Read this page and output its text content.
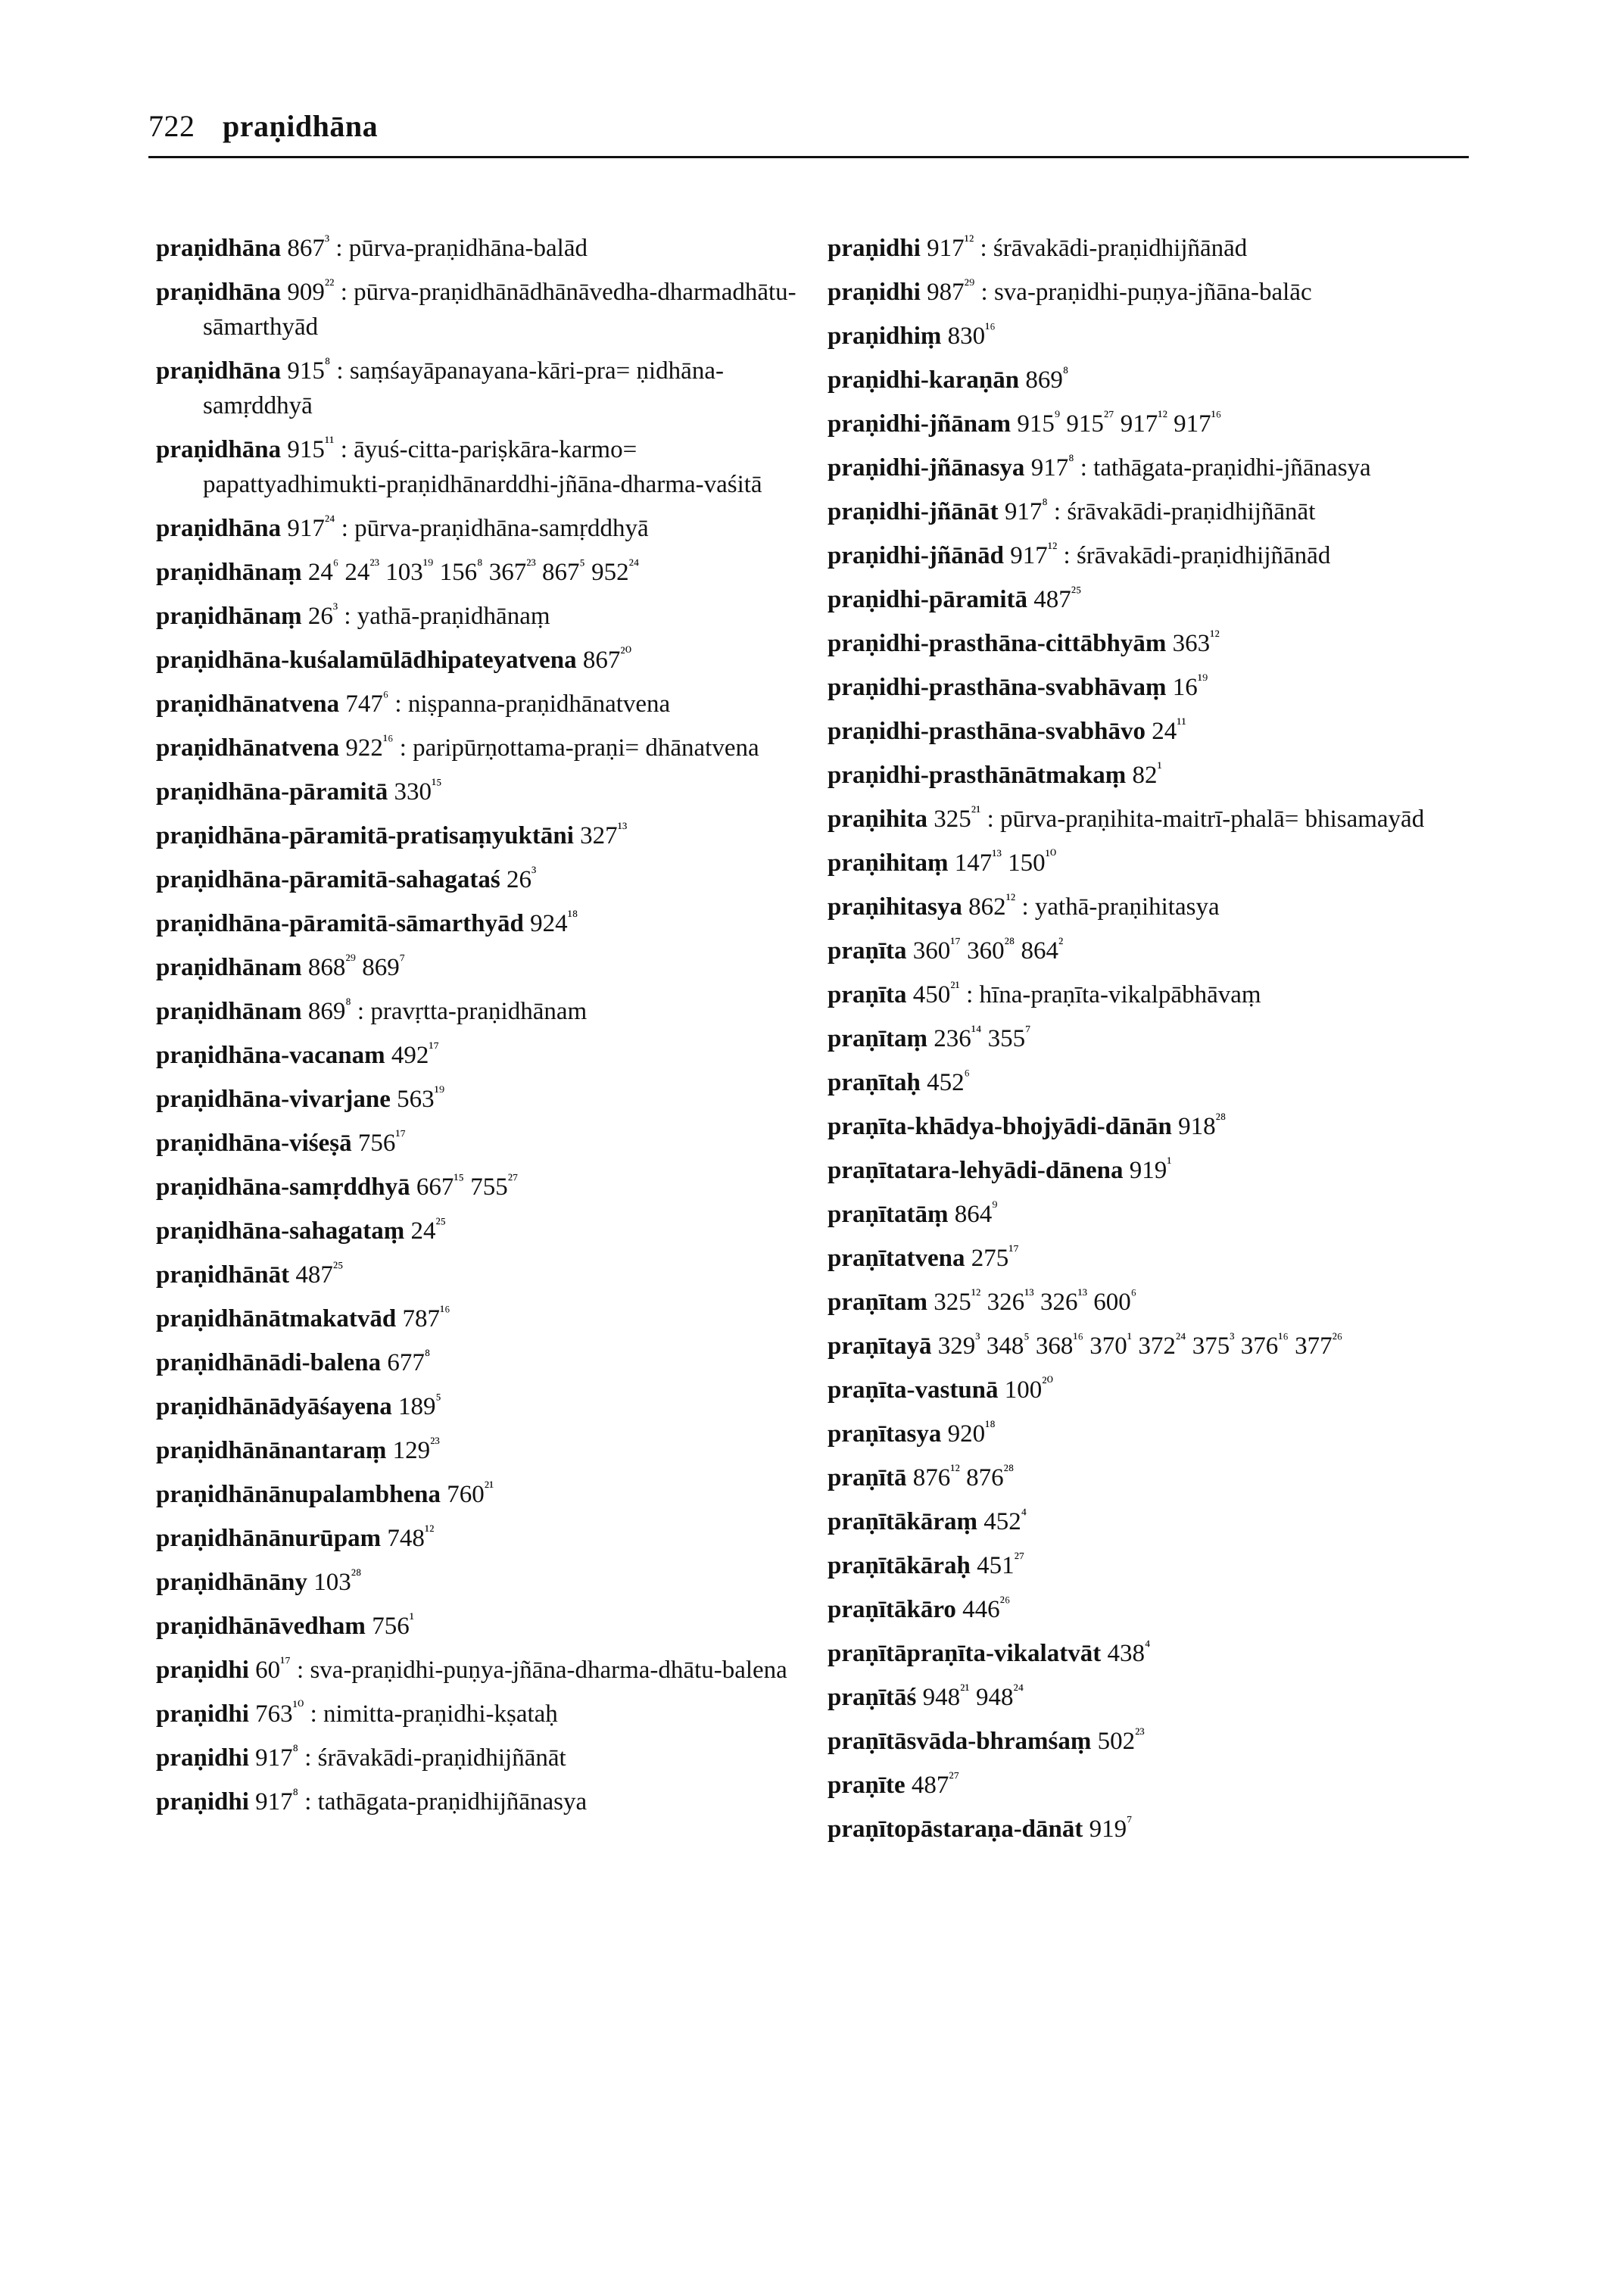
722 praṇidhāna
praṇidhāna $867^{^3}$ : pūrva-praṇidhāna-balād
praṇidhāna $909^{^{22}}$ : pūrva-praṇidhānādhānāvedha-dharmadhātu-sāmarthyād
praṇidhāna $915^{^8}$ : saṃśayāpanayana-kāri-pra= ṇidhāna-samṛddhyā
praṇidhāna $915^{^{11}}$ : āyuś-citta-pariṣkāra-karmo= papattyadhimukti-praṇidhānarddhi-jñāna-dharma-vaśitā
praṇidhāna $917^{^{24}}$ : pūrva-praṇidhāna-samṛddhyā
praṇidhānaṃ $24^{^6}$ $24^{^{23}}$ $103^{^{19}}$ $156^{^8}$ $367^{^{23}}$ $867^{^5}$ $952^{^{24}}$
praṇidhānaṃ $26^{^3}$ : yathā-praṇidhānaṃ
praṇidhāna-kuśalamūlādhipateyatvena $867^{^{20}}$
praṇidhānatvena $747^{^6}$ : niṣpanna-praṇidhānatvena
praṇidhānatvena $922^{^{16}}$ : paripūrṇottama-praṇi= dhānatvena
praṇidhāna-pāramitā $330^{^{15}}$
praṇidhāna-pāramitā-pratisaṃyuktāni $327^{^{13}}$
praṇidhāna-pāramitā-sahagataś $26^{^3}$
praṇidhāna-pāramitā-sāmarthyād $924^{^{18}}$
praṇidhānam $868^{^{29}}$ $869^{^7}$
praṇidhānam $869^{^8}$ : pravṛtta-praṇidhānam
praṇidhāna-vacanam $492^{^{17}}$
praṇidhāna-vivarjane $563^{^{19}}$
praṇidhāna-viśeṣā $756^{^{17}}$
praṇidhāna-samṛddhyā $667^{^{15}}$ $755^{^{27}}$
praṇidhāna-sahagataṃ $24^{^{25}}$
praṇidhānāt $487^{^{25}}$
praṇidhānātmakatvād $787^{^{16}}$
praṇidhānādi-balena $677^{^8}$
praṇidhānādyāśayena $189^{^5}$
praṇidhānānantaraṃ $129^{^{23}}$
praṇidhānānupalambhena $760^{^{21}}$
praṇidhānānurūpam $748^{^{12}}$
praṇidhānāny $103^{^{28}}$
praṇidhānāvedham $756^{^1}$
praṇidhi $60^{^{17}}$ : sva-praṇidhi-puṇya-jñāna-dharma-dhātu-balena
praṇidhi $763^{^{10}}$ : nimitta-praṇidhi-kṣataḥ
praṇidhi $917^{^8}$ : śrāvakādi-praṇidhijñānāt
praṇidhi $917^{^8}$ : tathāgata-praṇidhijñānasya
praṇidhi $917^{^{12}}$ : śrāvakādi-praṇidhijñānād
praṇidhi $987^{^{29}}$ : sva-praṇidhi-puṇya-jñāna-balāc
praṇidhiṃ $830^{^{16}}$
praṇidhi-karaṇān $869^{^8}$
praṇidhi-jñānam $915^{^9}$ $915^{^{27}}$ $917^{^{12}}$ $917^{^{16}}$
praṇidhi-jñānasya $917^{^8}$ : tathāgata-praṇidhi-jñānasya
praṇidhi-jñānāt $917^{^8}$ : śrāvakādi-praṇidhijñānāt
praṇidhi-jñānād $917^{^{12}}$ : śrāvakādi-praṇidhijñānād
praṇidhi-pāramitā $487^{^{25}}$
praṇidhi-prasthāna-cittābhyām $363^{^{12}}$
praṇidhi-prasthāna-svabhāvaṃ $16^{^{19}}$
praṇidhi-prasthāna-svabhāvo $24^{^{11}}$
praṇidhi-prasthānātmakaṃ $82^{^1}$
praṇihita $325^{^{21}}$ : pūrva-praṇihita-maitrī-phalā= bhisamayād
praṇihitaṃ $147^{^{13}}$ $150^{^{10}}$
praṇihitasya $862^{^{12}}$ : yathā-praṇihitasya
praṇīta $360^{^{17}}$ $360^{^{28}}$ $864^{^2}$
praṇīta $450^{^{21}}$ : hīna-praṇīta-vikalpābhāvaṃ
praṇītaṃ $236^{^{14}}$ $355^{^7}$
praṇītaḥ $452^{^6}$
praṇīta-khādya-bhojyādi-dānān $918^{^{28}}$
praṇītatara-lehyādi-dānena $919^{^1}$
praṇītatāṃ $864^{^9}$
praṇītatvena $275^{^{17}}$
praṇītam $325^{^{12}}$ $326^{^{13}}$ $326^{^{13}}$ $600^{^6}$
praṇītayā $329^{^3}$ $348^{^5}$ $368^{^{16}}$ $370^{^1}$ $372^{^{24}}$ $375^{^3}$ $376^{^{16}}$ $377^{^{26}}$
praṇīta-vastunā $100^{^{20}}$
praṇītasya $920^{^{18}}$
praṇītā $876^{^{12}}$ $876^{^{28}}$
praṇītākāraṃ $452^{^4}$
praṇītākāraḥ $451^{^{27}}$
praṇītākāro $446^{^{26}}$
praṇītāpraṇīta-vikalatvāt $438^{^4}$
praṇītāś $948^{^{21}}$ $948^{^{24}}$
praṇītāsvāda-bhramśaṃ $502^{^{23}}$
praṇīte $487^{^{27}}$
praṇītopāstaraṇa-dānāt $919^{^7}$
